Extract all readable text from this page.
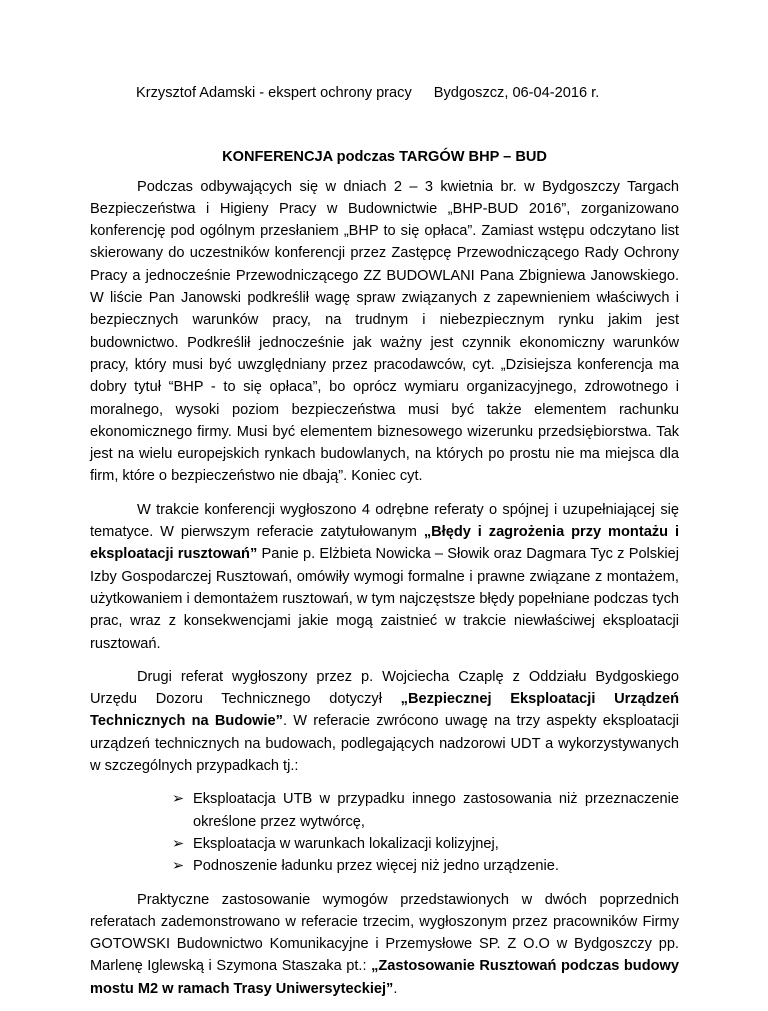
Krzysztof Adamski - ekspert ochrony pracy Bydgoszcz, 06-04-2016 r.
KONFERENCJA podczas TARGÓW BHP – BUD

Podczas odbywających się w dniach 2 – 3 kwietnia br. w Bydgoszczy Targach Bezpieczeństwa i Higieny Pracy w Budownictwie „BHP-BUD 2016”, zorganizowano konferencję pod ogólnym przesłaniem „BHP to się opłaca”. Zamiast wstępu odczytano list skierowany do uczestników konferencji przez Zastępcę Przewodniczącego Rady Ochrony Pracy a jednocześnie Przewodniczącego ZZ BUDOWLANI Pana Zbigniewa Janowskiego. W liście Pan Janowski podkreślił wagę spraw związanych z zapewnieniem właściwych i bezpiecznych warunków pracy, na trudnym i niebezpiecznym rynku jakim jest budownictwo. Podkreślił jednocześnie jak ważny jest czynnik ekonomiczny warunków pracy, który musi być uwzględniany przez pracodawców, cyt. „Dzisiejsza konferencja ma dobry tytuł “BHP - to się opłaca”, bo oprócz wymiaru organizacyjnego, zdrowotnego i moralnego, wysoki poziom bezpieczeństwa musi być także elementem rachunku ekonomicznego firmy. Musi być elementem biznesowego wizerunku przedsiębiorstwa. Tak jest na wielu europejskich rynkach budowlanych, na których po prostu nie ma miejsca dla firm, które o bezpieczeństwo nie dbają”. Koniec cyt.

W trakcie konferencji wygłoszono 4 odrębne referaty o spójnej i uzupełniającej się tematyce. W pierwszym referacie zatytułowanym „Błędy i zagrożenia przy montażu i eksploatacji rusztowań” Panie p. Elżbieta Nowicka – Słowik oraz Dagmara Tyc z Polskiej Izby Gospodarczej Rusztowań, omówiły wymogi formalne i prawne związane z montażem, użytkowaniem i demontażem rusztowań, w tym najczęstsze błędy popełniane podczas tych prac, wraz z konsekwencjami jakie mogą zaistnieć w trakcie niewłaściwej eksploatacji rusztowań.

Drugi referat wygłoszony przez p. Wojciecha Czaplę z Oddziału Bydgoskiego Urzędu Dozoru Technicznego dotyczył „Bezpiecznej Eksploatacji Urządzeń Technicznych na Budowie”. W referacie zwrócono uwagę na trzy aspekty eksploatacji urządzeń technicznych na budowach, podlegających nadzorowi UDT a wykorzystywanych w szczególnych przypadkach tj.:

➢ Eksploatacja UTB w przypadku innego zastosowania niż przeznaczenie określone przez wytwórcę,
➢ Eksploatacja w warunkach lokalizacji kolizyjnej,
➢ Podnoszenie ładunku przez więcej niż jedno urządzenie.

Praktyczne zastosowanie wymogów przedstawionych w dwóch poprzednich referatach zademonstrowano w referacie trzecim, wygłoszonym przez pracowników Firmy GOTOWSKI Budownictwo Komunikacyjne i Przemysłowe SP. Z O.O w Bydgoszczy pp. Marlenę Iglewską i Szymona Staszaka pt.: „Zastosowanie Rusztowań podczas budowy mostu M2 w ramach Trasy Uniwersyteckiej”.
